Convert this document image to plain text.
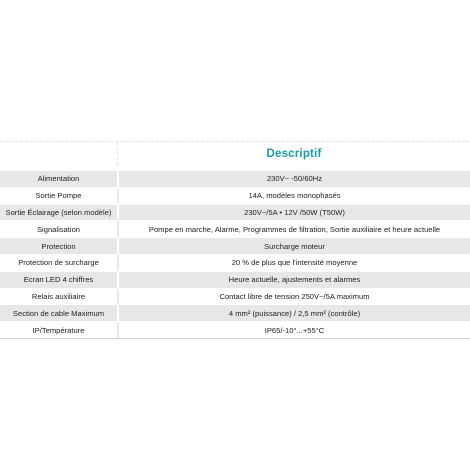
Descriptif
Alimentation	230V~ -50/60Hz
Sortie Pompe	14A, modèles monophasés
Sortie Éclairage (selon modèle)	230V~/5A • 12V /50W (T50W)
Signalisation	Pompe en marche, Alarme, Programmes de filtration, Sortie auxiliaire et heure actuelle
Protection	Surcharge moteur
Protection de surcharge	20 % de plus que l'intensité moyenne
Ecran LED 4 chiffres	Heure actuelle, ajustements et alarmes
Relais auxiliaire	Contact libre de tension 250V~/5A maximum
Section de cable Maximum	4 mm² (puissance) / 2,5 mm² (contrôle)
IP/Température	IP65/-10°...+55°C
